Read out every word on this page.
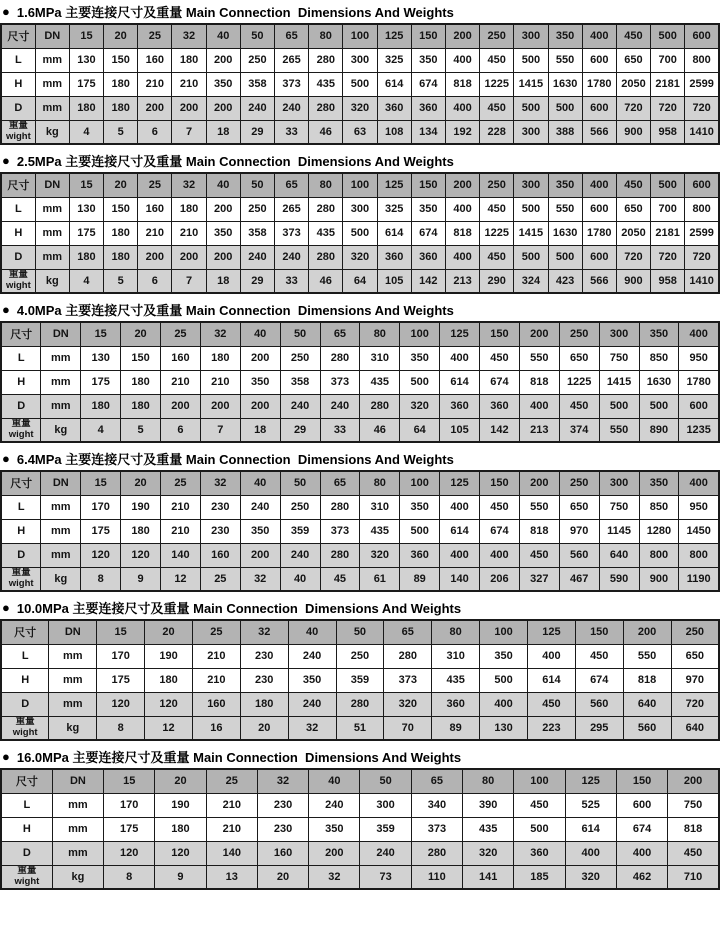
● 1.6MPa 主要连接尺寸及重量 Main Connection  Dimensions And Weights
尺寸	DN	15	20	25	32	40	50	65	80	100	125	150	200	250	300	350	400	450	500	600
L	mm	130	150	160	180	200	250	265	280	300	325	350	400	450	500	550	600	650	700	800
H	mm	175	180	210	210	350	358	373	435	500	614	674	818	1225	1415	1630	1780	2050	2181	2599
D	mm	180	180	200	200	200	240	240	280	320	360	360	400	450	500	500	600	720	720	720

重量
wight	kg	4	5	6	7	18	29	33	46	63	108	134	192	228	300	388	566	900	958	1410
● 2.5MPa 主要连接尺寸及重量 Main Connection  Dimensions And Weights
尺寸	DN	15	20	25	32	40	50	65	80	100	125	150	200	250	300	350	400	450	500	600
L	mm	130	150	160	180	200	250	265	280	300	325	350	400	450	500	550	600	650	700	800
H	mm	175	180	210	210	350	358	373	435	500	614	674	818	1225	1415	1630	1780	2050	2181	2599
D	mm	180	180	200	200	200	240	240	280	320	360	360	400	450	500	500	600	720	720	720

重量
wight	kg	4	5	6	7	18	29	33	46	64	105	142	213	290	324	423	566	900	958	1410
● 4.0MPa 主要连接尺寸及重量 Main Connection  Dimensions And Weights
尺寸	DN	15	20	25	32	40	50	65	80	100	125	150	200	250	300	350	400
L	mm	130	150	160	180	200	250	280	310	350	400	450	550	650	750	850	950
H	mm	175	180	210	210	350	358	373	435	500	614	674	818	1225	1415	1630	1780
D	mm	180	180	200	200	200	240	240	280	320	360	360	400	450	500	500	600

重量
wight	kg	4	5	6	7	18	29	33	46	64	105	142	213	374	550	890	1235
● 6.4MPa 主要连接尺寸及重量 Main Connection  Dimensions And Weights
尺寸	DN	15	20	25	32	40	50	65	80	100	125	150	200	250	300	350	400
L	mm	170	190	210	230	240	250	280	310	350	400	450	550	650	750	850	950
H	mm	175	180	210	230	350	359	373	435	500	614	674	818	970	1145	1280	1450
D	mm	120	120	140	160	200	240	280	320	360	400	400	450	560	640	800	800

重量
wight	kg	8	9	12	25	32	40	45	61	89	140	206	327	467	590	900	1190
● 10.0MPa 主要连接尺寸及重量 Main Connection  Dimensions And Weights
尺寸	DN	15	20	25	32	40	50	65	80	100	125	150	200	250
L	mm	170	190	210	230	240	250	280	310	350	400	450	550	650
H	mm	175	180	210	230	350	359	373	435	500	614	674	818	970
D	mm	120	120	160	180	240	280	320	360	400	450	560	640	720

重量
wight	kg	8	12	16	20	32	51	70	89	130	223	295	560	640
● 16.0MPa 主要连接尺寸及重量 Main Connection  Dimensions And Weights
尺寸	DN	15	20	25	32	40	50	65	80	100	125	150	200
L	mm	170	190	210	230	240	300	340	390	450	525	600	750
H	mm	175	180	210	230	350	359	373	435	500	614	674	818
D	mm	120	120	140	160	200	240	280	320	360	400	400	450

重量
wight	kg	8	9	13	20	32	73	110	141	185	320	462	710
